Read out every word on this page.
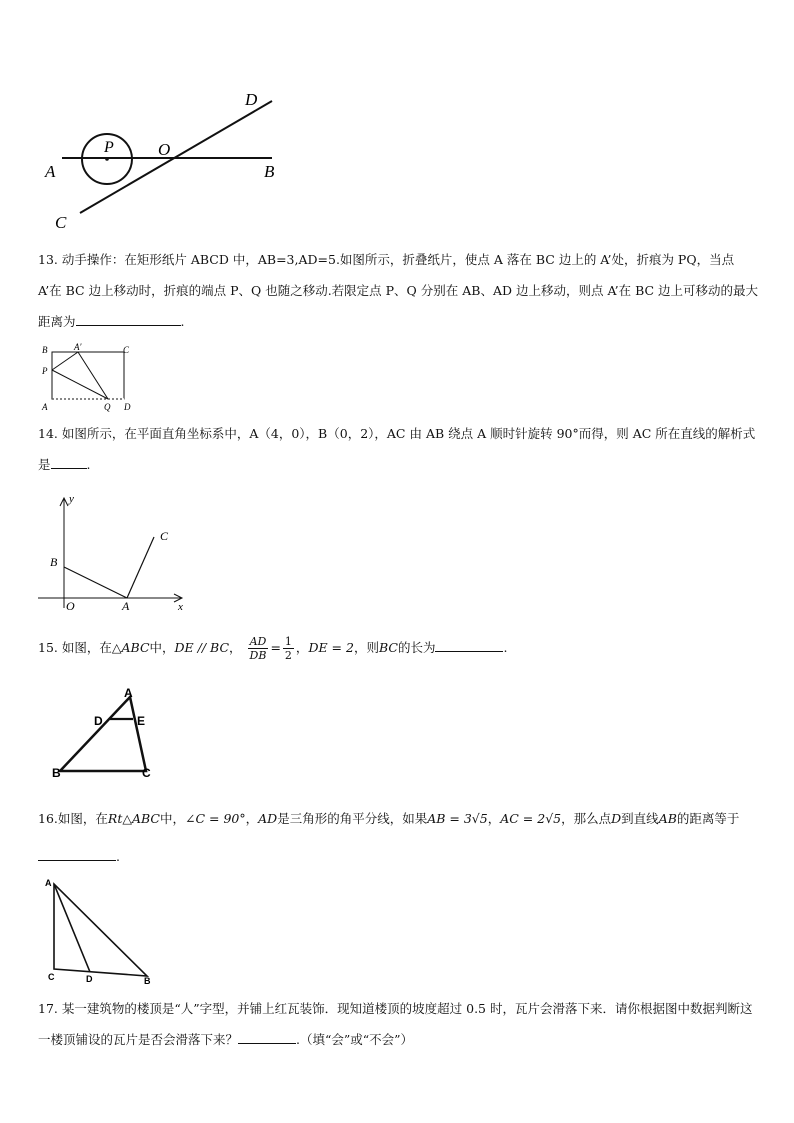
D
P	O
A	B
C
13. 动手操作：在矩形纸片 ABCD 中，AB=3,AD=5.如图所示，折叠纸片，使点 A 落在 BC 边上的 A’处，折痕为 PQ，当点 A’在 BC 边上移动时，折痕的端点 P、Q 也随之移动.若限定点 P、Q 分别在 AB、AD 边上移动，则点 A’在 BC 边上可移动的最大距离为	.
B	A′	C
P
A	Q D
14. 如图所示，在平面直角坐标系中，A（4，0），B（0，2），AC 由 AB 绕点 A 顺时针旋转 90°而得，则 AC 所在直线的解析式是	.
y
x
B
C
O	A
15. 如图，在△ABC中，DE // BC， $\frac{AD}{DB} = \frac{1}{2}$ ，DE = 2，则BC的长为	.
A
D	E
B	C
16.如图，在Rt△ABC中，∠C = 90°，AD是三角形的角平分线，如果AB = 3√5，AC = 2√5，那么点D到直线AB的距离等于.
A
C	D	B
17. 某一建筑物的楼顶是“人”字型，并铺上红瓦装饰．现知道楼顶的坡度超过 0.5 时，瓦片会滑落下来．请你根据图中数据判断这一楼顶铺设的瓦片是否会滑落下来？	.（填“会”或“不会”）
